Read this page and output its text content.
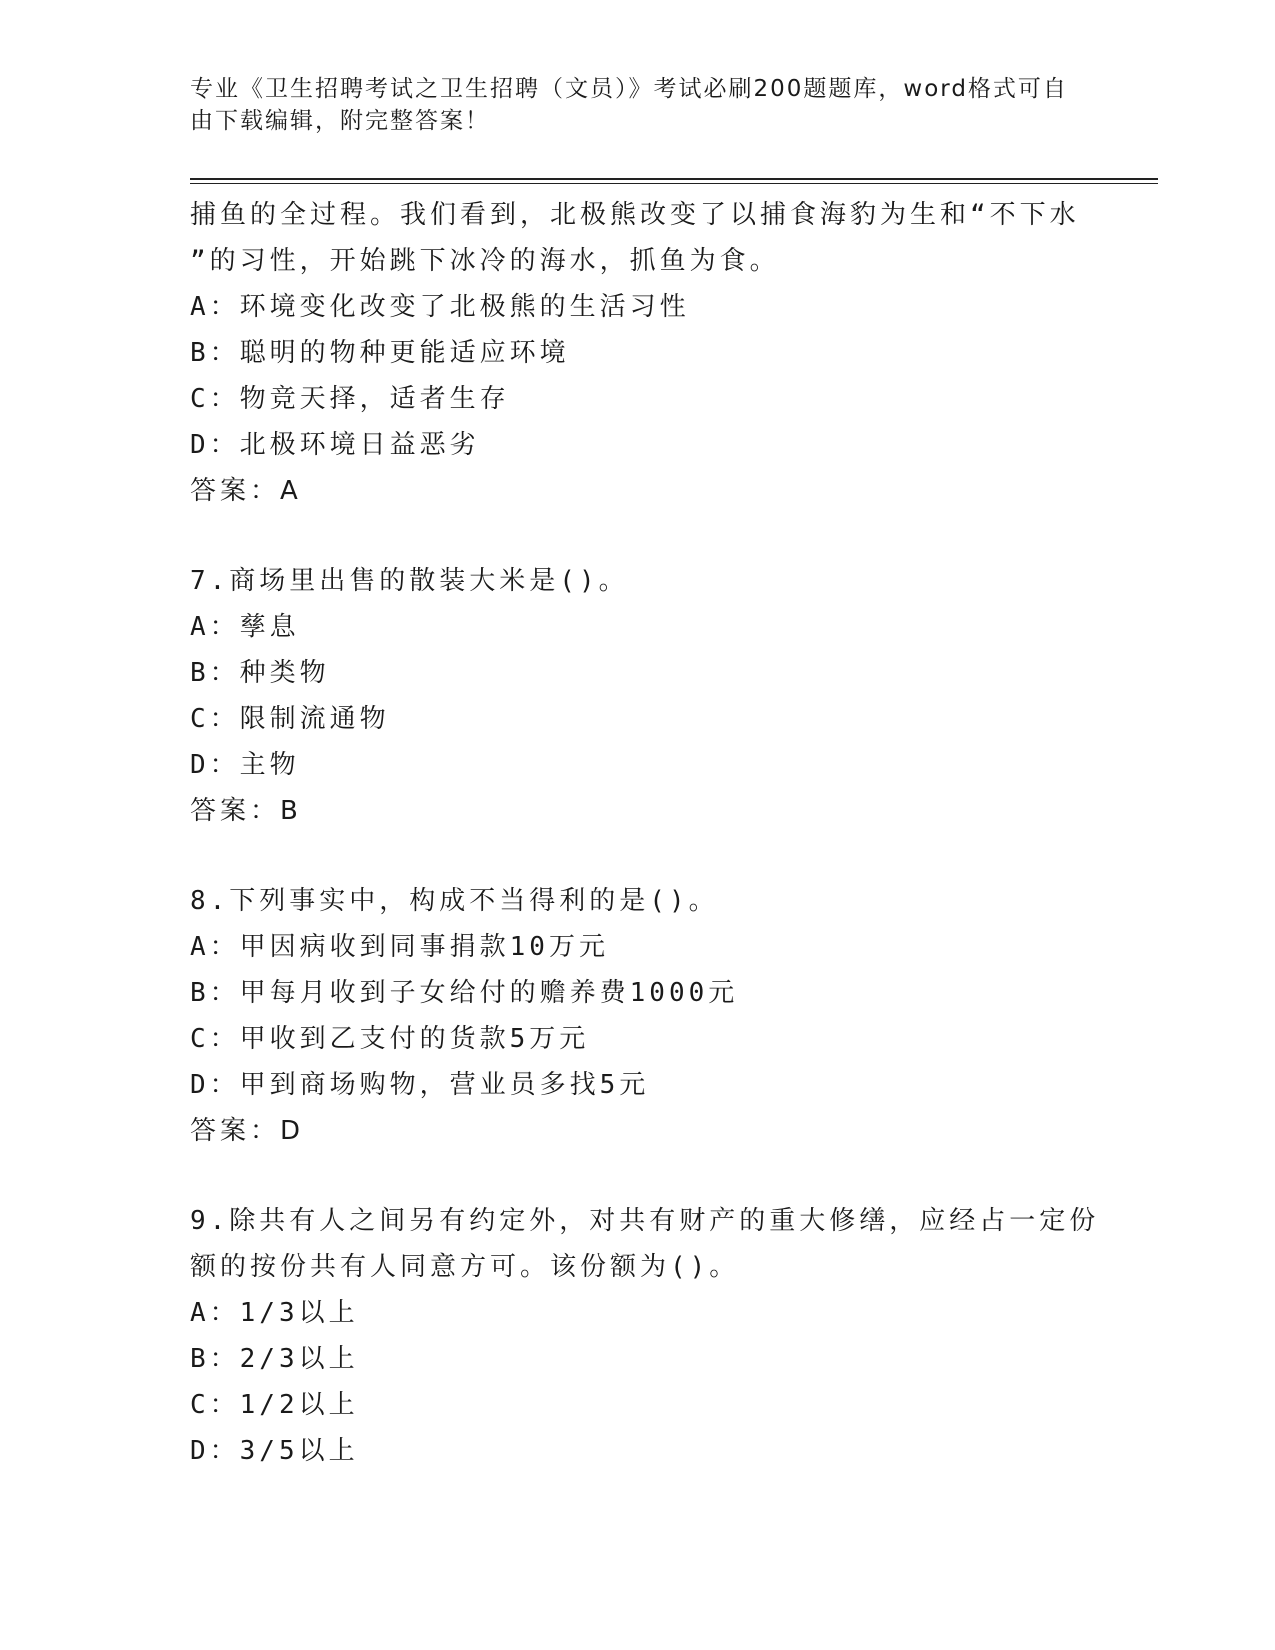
专业《卫生招聘考试之卫生招聘（文员）》考试必刷200题题库，word格式可自
由下载编辑，附完整答案！
捕鱼的全过程。我们看到，北极熊改变了以捕食海豹为生和“不下水
”的习性，开始跳下冰冷的海水，抓鱼为食。
A：环境变化改变了北极熊的生活习性
B：聪明的物种更能适应环境
C：物竞天择，适者生存
D：北极环境日益恶劣
答案：A
7.商场里出售的散装大米是()。
A：孳息
B：种类物
C：限制流通物
D：主物
答案：B
8.下列事实中，构成不当得利的是()。
A：甲因病收到同事捐款10万元
B：甲每月收到子女给付的赡养费1000元
C：甲收到乙支付的货款5万元
D：甲到商场购物，营业员多找5元
答案：D
9.除共有人之间另有约定外，对共有财产的重大修缮，应经占一定份
额的按份共有人同意方可。该份额为()。
A：1/3以上
B：2/3以上
C：1/2以上
D：3/5以上
